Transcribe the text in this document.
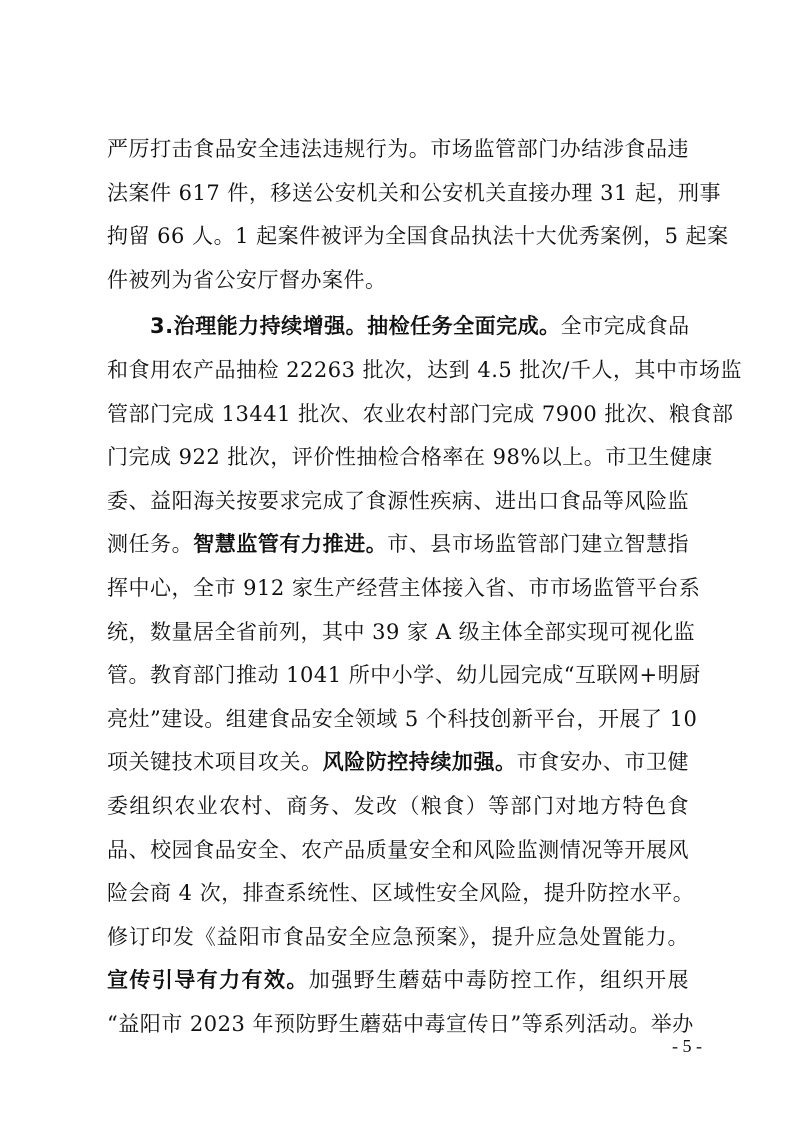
严厉打击食品安全违法违规行为。市场监管部门办结涉食品违
法案件 617 件，移送公安机关和公安机关直接办理 31 起，刑事
拘留 66 人。1 起案件被评为全国食品执法十大优秀案例，5 起案
件被列为省公安厅督办案件。
3.治理能力持续增强。抽检任务全面完成。全市完成食品
和食用农产品抽检 22263 批次，达到 4.5 批次/千人，其中市场监
管部门完成 13441 批次、农业农村部门完成 7900 批次、粮食部
门完成 922 批次，评价性抽检合格率在 98%以上。市卫生健康
委、益阳海关按要求完成了食源性疾病、进出口食品等风险监
测任务。智慧监管有力推进。市、县市场监管部门建立智慧指
挥中心，全市 912 家生产经营主体接入省、市市场监管平台系
统，数量居全省前列，其中 39 家 A 级主体全部实现可视化监
管。教育部门推动 1041 所中小学、幼儿园完成“互联网+明厨
亮灶”建设。组建食品安全领域 5 个科技创新平台，开展了 10
项关键技术项目攻关。风险防控持续加强。市食安办、市卫健
委组织农业农村、商务、发改（粮食）等部门对地方特色食
品、校园食品安全、农产品质量安全和风险监测情况等开展风
险会商 4 次，排查系统性、区域性安全风险，提升防控水平。
修订印发《益阳市食品安全应急预案》，提升应急处置能力。
宣传引导有力有效。加强野生蘑菇中毒防控工作，组织开展
“益阳市 2023 年预防野生蘑菇中毒宣传日”等系列活动。举办
- 5 -
